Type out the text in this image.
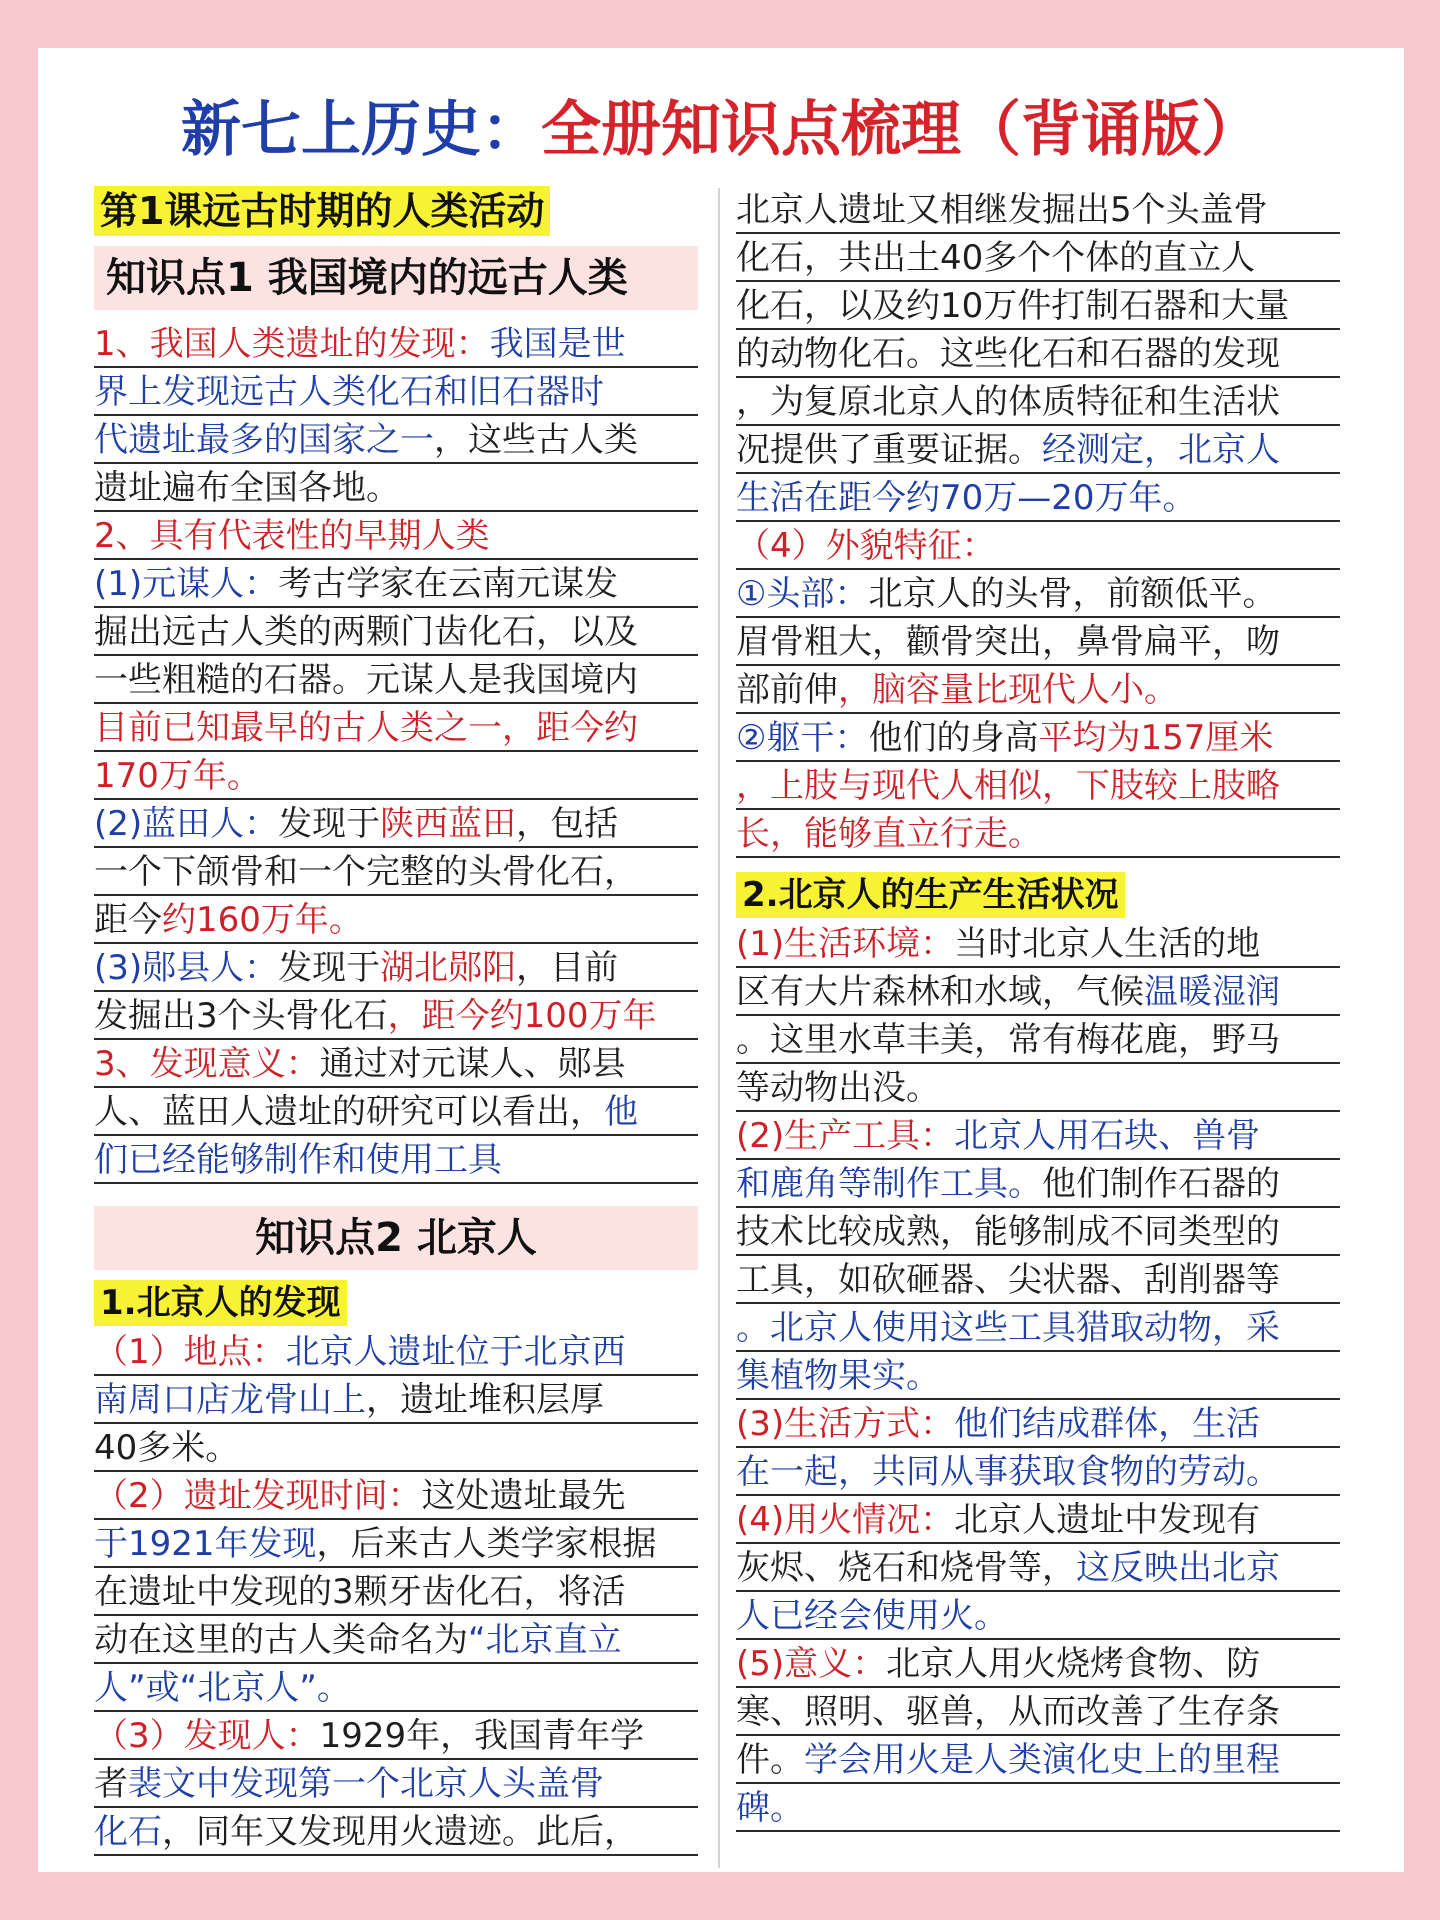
新七上历史：全册知识点梳理（背诵版）
第1课远古时期的人类活动
知识点1 我国境内的远古人类
1、我国人类遗址的发现：我国是世
界上发现远古人类化石和旧石器时
代遗址最多的国家之一，这些古人类
遗址遍布全国各地。
2、具有代表性的早期人类
(1)元谋人：考古学家在云南元谋发
掘出远古人类的两颗门齿化石，以及
一些粗糙的石器。元谋人是我国境内
目前已知最早的古人类之一，距今约
170万年。
(2)蓝田人：发现于陕西蓝田，包括
一个下颌骨和一个完整的头骨化石，
距今约160万年。
(3)郧县人：发现于湖北郧阳，目前
发掘出3个头骨化石，距今约100万年
3、发现意义：通过对元谋人、郧县
人、蓝田人遗址的研究可以看出，他
们已经能够制作和使用工具
知识点2 北京人
1.北京人的发现
（1）地点：北京人遗址位于北京西
南周口店龙骨山上，遗址堆积层厚
40多米。
（2）遗址发现时间：这处遗址最先
于1921年发现，后来古人类学家根据
在遗址中发现的3颗牙齿化石，将活
动在这里的古人类命名为“北京直立
人”或“北京人”。
（3）发现人：1929年，我国青年学
者裴文中发现第一个北京人头盖骨
化石，同年又发现用火遗迹。此后，
北京人遗址又相继发掘出5个头盖骨
化石，共出土40多个个体的直立人
化石，以及约10万件打制石器和大量
的动物化石。这些化石和石器的发现
，为复原北京人的体质特征和生活状
况提供了重要证据。经测定，北京人
生活在距今约70万—20万年。
（4）外貌特征：
①头部：北京人的头骨，前额低平。
眉骨粗大，颧骨突出，鼻骨扁平，吻
部前伸，脑容量比现代人小。
②躯干：他们的身高平均为157厘米
，上肢与现代人相似，下肢较上肢略
长，能够直立行走。
2.北京人的生产生活状况
(1)生活环境：当时北京人生活的地
区有大片森林和水域，气候温暖湿润
。这里水草丰美，常有梅花鹿，野马
等动物出没。
(2)生产工具：北京人用石块、兽骨
和鹿角等制作工具。他们制作石器的
技术比较成熟，能够制成不同类型的
工具，如砍砸器、尖状器、刮削器等
。北京人使用这些工具猎取动物，采
集植物果实。
(3)生活方式：他们结成群体，生活
在一起，共同从事获取食物的劳动。
(4)用火情况：北京人遗址中发现有
灰烬、烧石和烧骨等，这反映出北京
人已经会使用火。
(5)意义：北京人用火烧烤食物、防
寒、照明、驱兽，从而改善了生存条
件。学会用火是人类演化史上的里程
碑。
